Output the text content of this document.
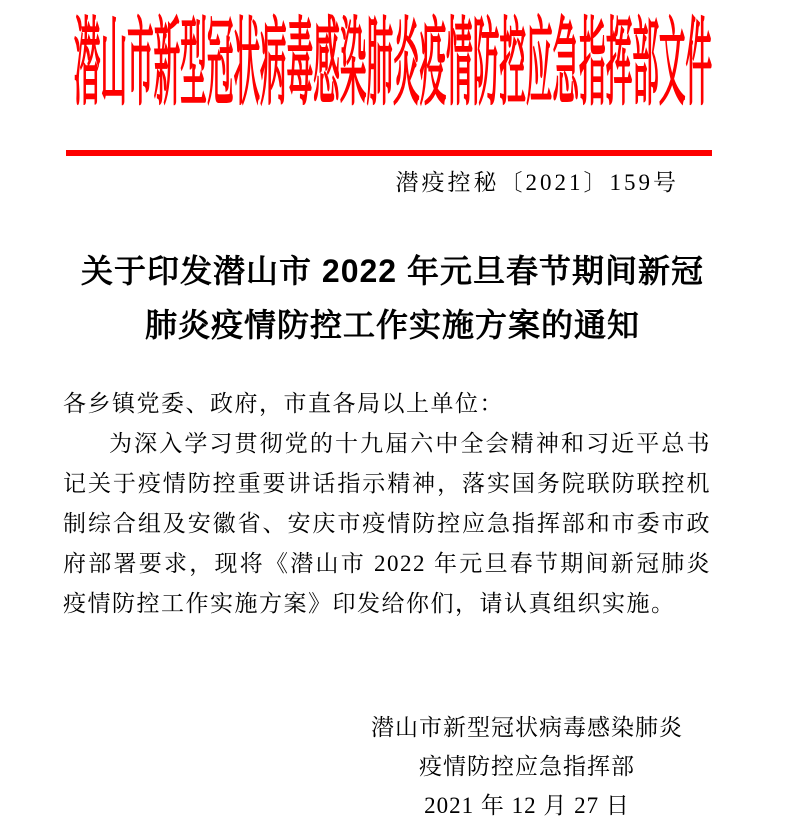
潜山市新型冠状病毒感染肺炎疫情防控应急指挥部文件
潜疫控秘〔2021〕159号
关于印发潜山市 2022 年元旦春节期间新冠
肺炎疫情防控工作实施方案的通知

各乡镇党委、政府，市直各局以上单位：

为深入学习贯彻党的十九届六中全会精神和习近平总书记关于疫情防控重要讲话指示精神，落实国务院联防联控机制综合组及安徽省、安庆市疫情防控应急指挥部和市委市政府部署要求，现将《潜山市 2022 年元旦春节期间新冠肺炎疫情防控工作实施方案》印发给你们，请认真组织实施。

潜山市新型冠状病毒感染肺炎
疫情防控应急指挥部
2021 年 12 月 27 日
